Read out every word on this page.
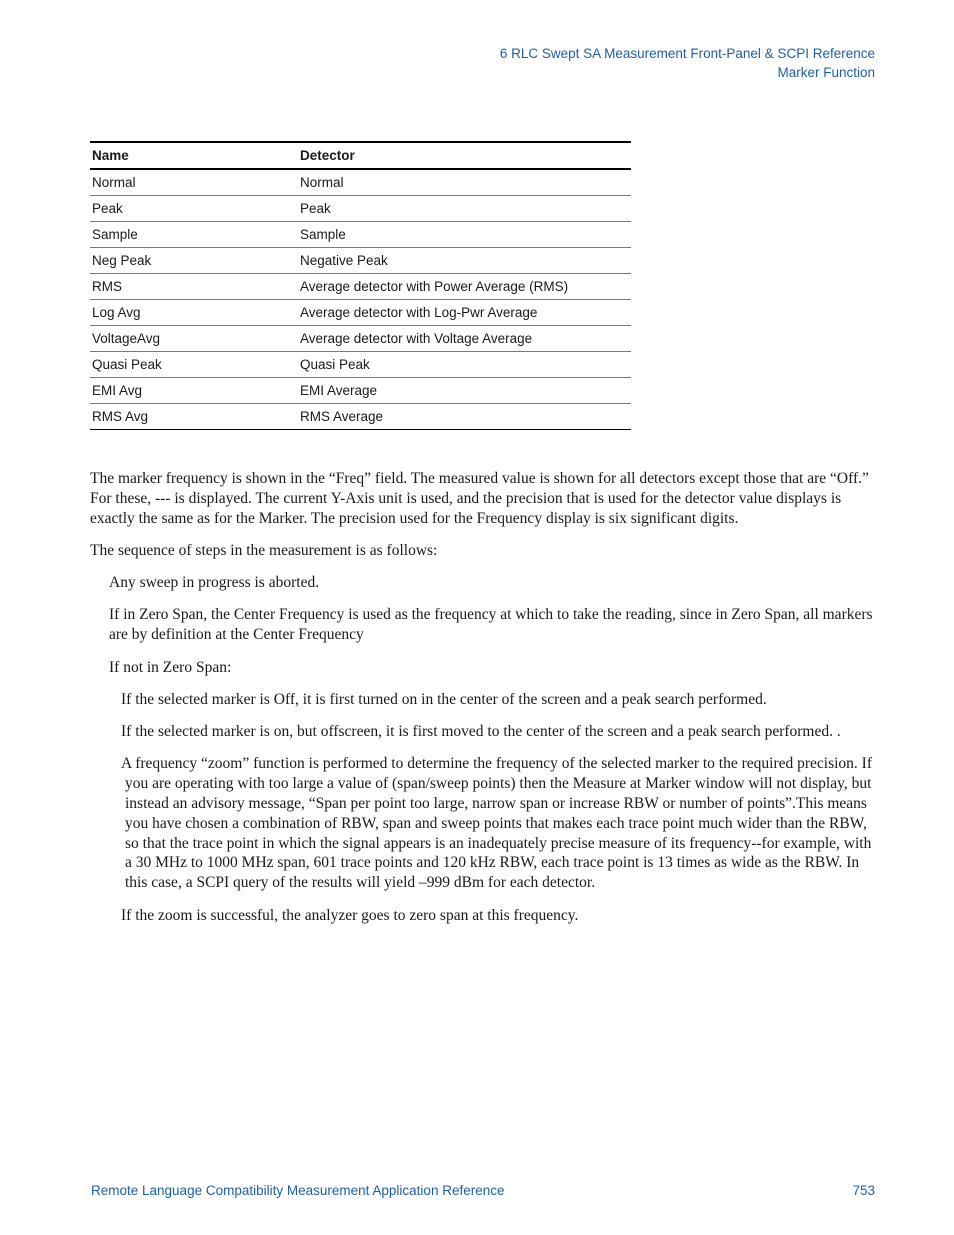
6 RLC Swept SA Measurement Front-Panel & SCPI Reference
Marker Function
Name	Detector
Normal	Normal
Peak	Peak
Sample	Sample
Neg Peak	Negative Peak
RMS	Average detector with Power Average (RMS)
Log Avg	Average detector with Log-Pwr Average
VoltageAvg	Average detector with Voltage Average
Quasi Peak	Quasi Peak
EMI Avg	EMI Average
RMS Avg	RMS Average

The marker frequency is shown in the “Freq” field. The measured value is shown for all detectors except those that are “Off.” For these, --- is displayed. The current Y-Axis unit is used, and the precision that is used for the detector value displays is exactly the same as for the Marker. The precision used for the Frequency display is six significant digits.

The sequence of steps in the measurement is as follows:

Any sweep in progress is aborted.

If in Zero Span, the Center Frequency is used as the frequency at which to take the reading, since in Zero Span, all markers are by definition at the Center Frequency

If not in Zero Span:

If the selected marker is Off, it is first turned on in the center of the screen and a peak search performed.

If the selected marker is on, but offscreen, it is first moved to the center of the screen and a peak search performed. .

A frequency “zoom” function is performed to determine the frequency of the selected marker to the required precision. If you are operating with too large a value of (span/sweep points) then the Measure at Marker window will not display, but instead an advisory message, “Span per point too large, narrow span or increase RBW or number of points”.This means you have chosen a combination of RBW, span and sweep points that makes each trace point much wider than the RBW, so that the trace point in which the signal appears is an inadequately precise measure of its frequency--for example, with a 30 MHz to 1000 MHz span, 601 trace points and 120 kHz RBW, each trace point is 13 times as wide as the RBW. In this case, a SCPI query of the results will yield –999 dBm for each detector.

If the zoom is successful, the analyzer goes to zero span at this frequency.

Remote Language Compatibility Measurement Application Reference	753
